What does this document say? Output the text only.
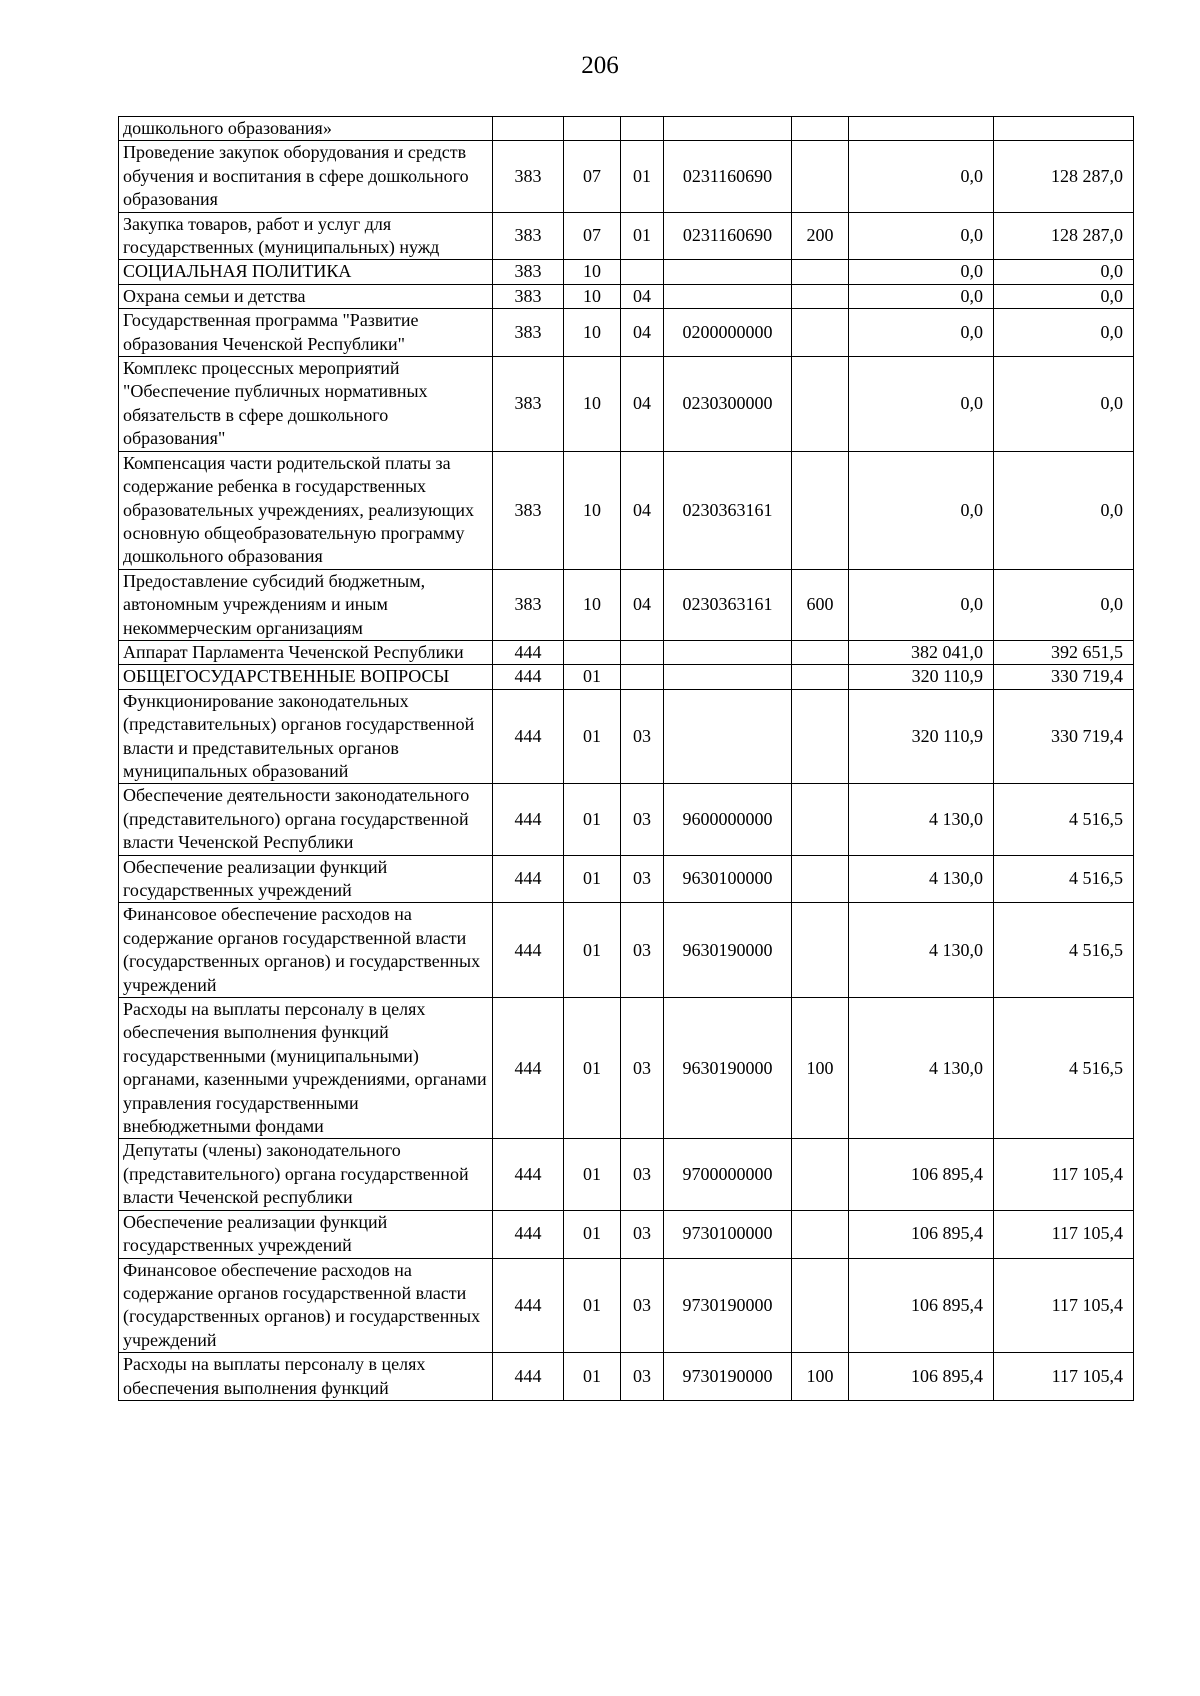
206
дошкольного образования»							
Проведение закупок оборудования и средств обучения и воспитания в сфере дошкольного образования	383	07	01	0231160690		0,0	128 287,0
Закупка товаров, работ и услуг для государственных (муниципальных) нужд	383	07	01	0231160690	200	0,0	128 287,0
СОЦИАЛЬНАЯ ПОЛИТИКА	383	10				0,0	0,0
Охрана семьи и детства	383	10	04			0,0	0,0
Государственная программа "Развитие образования Чеченской Республики"	383	10	04	0200000000		0,0	0,0
Комплекс процессных мероприятий "Обеспечение публичных нормативных обязательств в сфере дошкольного образования"	383	10	04	0230300000		0,0	0,0
Компенсация части родительской платы за содержание ребенка в государственных образовательных учреждениях, реализующих основную общеобразовательную программу дошкольного образования	383	10	04	0230363161		0,0	0,0
Предоставление субсидий бюджетным, автономным учреждениям и иным некоммерческим организациям	383	10	04	0230363161	600	0,0	0,0
Аппарат Парламента Чеченской Республики	444					382 041,0	392 651,5
ОБЩЕГОСУДАРСТВЕННЫЕ ВОПРОСЫ	444	01				320 110,9	330 719,4
Функционирование законодательных (представительных) органов государственной власти и представительных органов муниципальных образований	444	01	03			320 110,9	330 719,4
Обеспечение деятельности законодательного (представительного) органа государственной власти Чеченской Республики	444	01	03	9600000000		4 130,0	4 516,5
Обеспечение реализации функций государственных учреждений	444	01	03	9630100000		4 130,0	4 516,5
Финансовое обеспечение расходов на содержание органов государственной власти (государственных органов) и государственных учреждений	444	01	03	9630190000		4 130,0	4 516,5
Расходы на выплаты персоналу в целях обеспечения выполнения функций государственными (муниципальными) органами, казенными учреждениями, органами управления государственными внебюджетными фондами	444	01	03	9630190000	100	4 130,0	4 516,5
Депутаты (члены) законодательного (представительного) органа государственной власти Чеченской республики	444	01	03	9700000000		106 895,4	117 105,4
Обеспечение реализации функций государственных учреждений	444	01	03	9730100000		106 895,4	117 105,4
Финансовое обеспечение расходов на содержание органов государственной власти (государственных органов) и государственных учреждений	444	01	03	9730190000		106 895,4	117 105,4
Расходы на выплаты персоналу в целях обеспечения выполнения функций	444	01	03	9730190000	100	106 895,4	117 105,4
